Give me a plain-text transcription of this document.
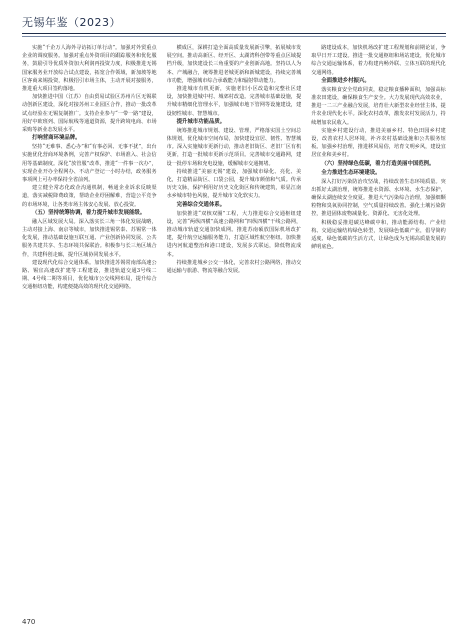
无锡年鉴（2023）

实施“千企万人海外寻访拓订单行动”。加强对外贸重点企业的调度服务。加强对重点外资项目的跟踪服务和优化服务，鼓励引导优质外资加大利润再投资力度，积极推进无锡国家服务业开放综合试点建设，拓宽合作领域，新加坡等地区客商来锡投资，积极招引市场主体，主动开展对接服务，推进重大项目签约落地。

加快推进中国（江苏）自由贸易试验区苏州片区无锡联动创新区建设，深化对接苏州工业园区合作，推动一批改革试点经验在无锡复制推广。支持企业参与“一带一路”建设，用好中欧班列、国际航线等通道资源，提升跨境电商、市场采购等新业态发展水平。

打响营商环境品牌。

坚持“无难事、悉心办”和“有事必回、无事不扰”，出台实施优化营商环境条例，完善产权保护、市场准入、社会信用等基础制度。深化“放管服”改革，推进“一件事一次办”，实现企业开办全程网办、不动产登记一小时办结，政务服务事项网上可办率保持全省前列。

建立健全常态化政企沟通机制，畅通企业诉求反映渠道，落实减税降费政策，帮助企业纾困解难，营造公平竞争的市场环境，让各类市场主体安心发展、放心投资。

（五）坚持统筹协调，着力提升城市发展能级。

融入区域发展大局。深入落实长三角一体化发展战略，主动对接上海、南京等城市，加快推进锡常泰、苏锡常一体化发展，推动基础设施互联互通、产业创新协同发展、公共服务共建共享、生态环境共保联治。积极参与长三角区域合作，共建科创走廊，提升区域协同发展水平。

建设现代化综合交通体系。加快推进苏锡常南部高速公路、锡宜高速改扩建等工程建设，推进轨道交通3号线二期、4号线二期等项目，优化城市公交线网布局，提升综合交通枢纽功能，构建便捷高效的现代化交通网络。

横成区，深耕打造全面高质量发展新引擎，拓展城市发展空间。推动高新区、经开区、太湖湾科创带等重点区域提档升级，加快建设长三角重要的产业创新高地。坚持以人为本、产城融合，统筹推进老城更新和新城建设，持续完善城市功能，增强城市综合承载能力和辐射带动能力。

推进城市有机更新，实施老旧小区改造和完整社区建设，加快推进城中村、城郊村改造。完善城市基础设施，提升城市精细化管理水平，加强城市地下管网等设施建设，建设韧性城市、智慧城市。

提升城市功能品质。

统筹推进城市规划、建设、管理，严格落实国土空间总体规划，优化城市空间布局，加快建设宜居、韧性、智慧城市。深入实施城市更新行动，推动老旧街区、老旧厂区有机更新，打造一批城市更新示范项目。完善城市交通路网，建设一批停车场和充电设施，缓解城市交通拥堵。

持续推进“美丽无锡”建设，加强城市绿化、亮化、美化，打造精品街区、口袋公园，提升城市颜值和气质。传承历史文脉，保护利用好历史文化街区和传统建筑，彰显江南水乡城市特色风貌，提升城市文化软实力。

完善综合交通体系。

加快推进“双核双圈”工程，大力推进综合交通枢纽建设，完善“两纵四横”高速公路网和“四纵四横”干线公路网，推动城市轨道交通加快成网。推进苏南硕放国际机场改扩建，提升航空运输服务能力，打造区域性航空枢纽。加快推进内河航道整治和港口建设，发展多式联运，降低物流成本。

持续推进城乡公交一体化，完善农村公路网络，推动交通运输与旅游、物流等融合发展。

路建设成本，加快机场改扩建工程规划和前期论证，争取早日开工建设。推进一批交通枢纽和场站建设，优化城市综合交通运输体系，着力构建内畅外联、立体互联的现代化交通网络。

全面推进乡村振兴。

落实粮食安全党政同责，稳定粮食播种面积，加强高标准农田建设，确保粮食生产安全。大力发展现代高效农业，推进一二三产业融合发展，培育壮大新型农业经营主体，提升农业现代化水平。深化农村改革，激发农村发展活力，持续增加农民收入。

实施乡村建设行动，推进美丽乡村、特色田园乡村建设，改善农村人居环境，补齐农村基础设施和公共服务短板。加强乡村治理，推进移风易俗，培育文明乡风，建设宜居宜业和美乡村。

（六）坚持绿色低碳，着力打造美丽中国范例。
全力推进生态环境建设。

深入打好污染防治攻坚战，持续改善生态环境质量。突出抓好太湖治理，统筹推进水资源、水环境、水生态保护，确保太湖连续安全度夏。推进大气污染综合治理，加强细颗粒物和臭氧协同控制，空气质量持续改善。强化土壤污染防控，推进固体废物减量化、资源化、无害化处理。

积极稳妥推进碳达峰碳中和，推动能源结构、产业结构、交通运输结构绿色转型，发展绿色低碳产业，倡导简约适度、绿色低碳的生活方式，让绿色成为无锡高质量发展的鲜明底色。

470
